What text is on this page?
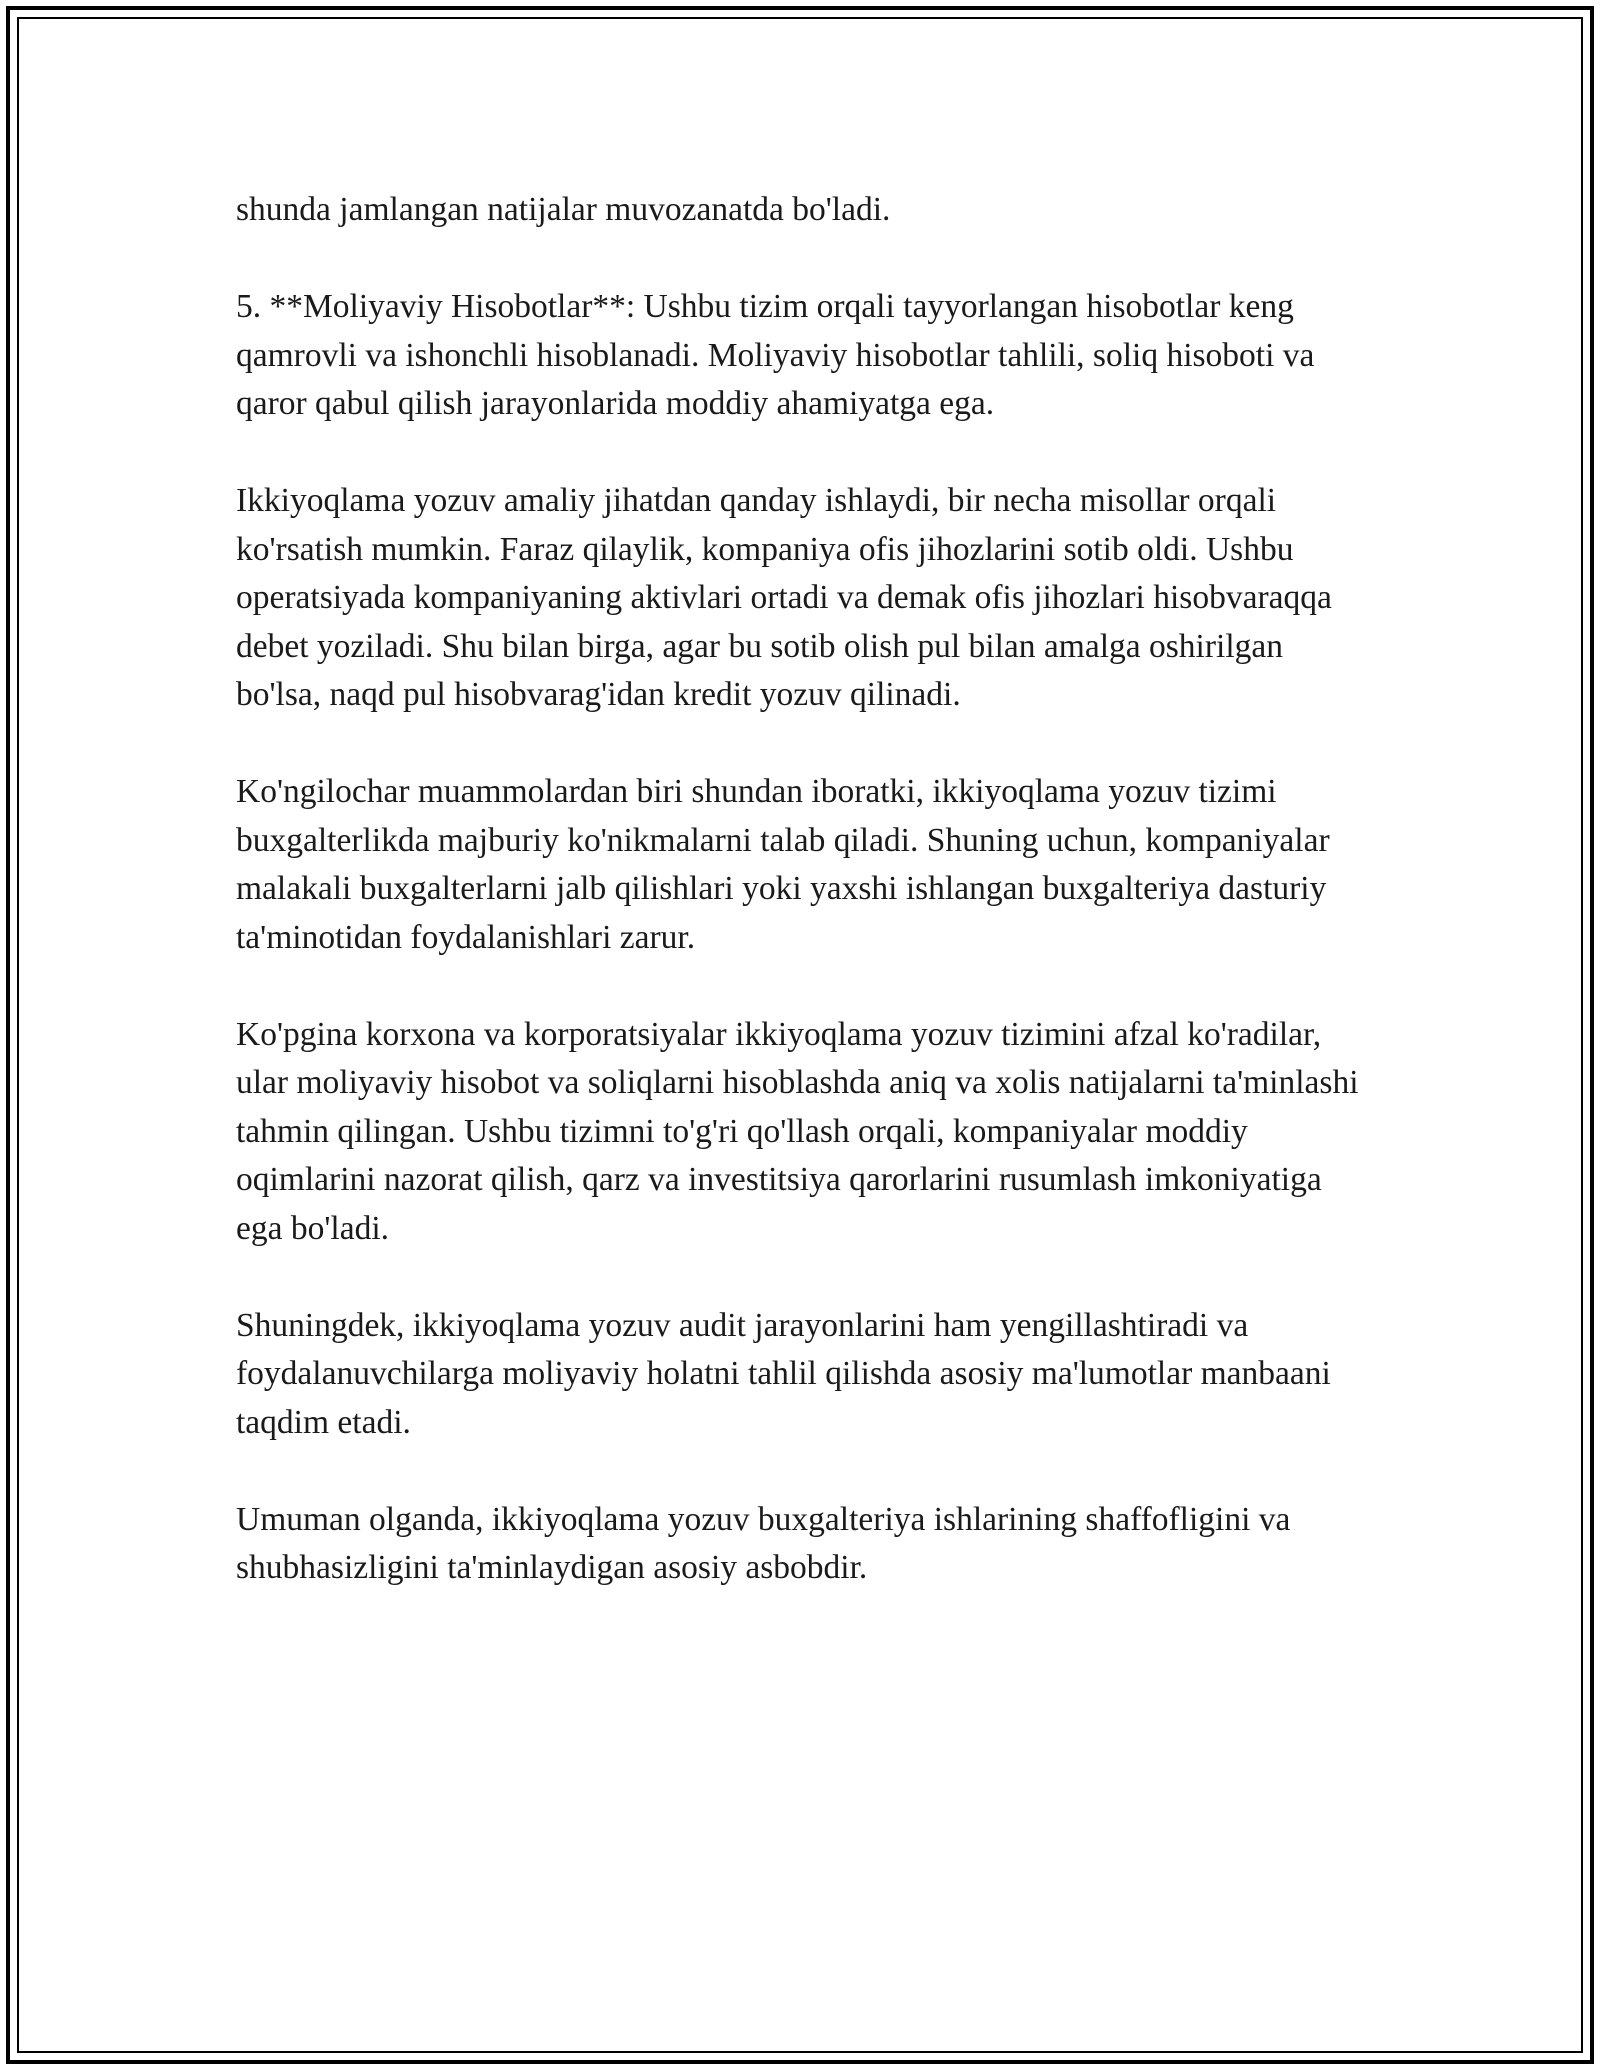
shunda jamlangan natijalar muvozanatda bo'ladi.

5. **Moliyaviy Hisobotlar**: Ushbu tizim orqali tayyorlangan hisobotlar keng qamrovli va ishonchli hisoblanadi. Moliyaviy hisobotlar tahlili, soliq hisoboti va qaror qabul qilish jarayonlarida moddiy ahamiyatga ega.

Ikkiyoqlama yozuv amaliy jihatdan qanday ishlaydi, bir necha misollar orqali ko'rsatish mumkin. Faraz qilaylik, kompaniya ofis jihozlarini sotib oldi. Ushbu operatsiyada kompaniyaning aktivlari ortadi va demak ofis jihozlari hisobvaraqqa debet yoziladi. Shu bilan birga, agar bu sotib olish pul bilan amalga oshirilgan bo'lsa, naqd pul hisobvarag'idan kredit yozuv qilinadi.

Ko'ngilochar muammolardan biri shundan iboratki, ikkiyoqlama yozuv tizimi buxgalterlikda majburiy ko'nikmalarni talab qiladi. Shuning uchun, kompaniyalar malakali buxgalterlarni jalb qilishlari yoki yaxshi ishlangan buxgalteriya dasturiy ta'minotidan foydalanishlari zarur.

Ko'pgina korxona va korporatsiyalar ikkiyoqlama yozuv tizimini afzal ko'radilar, ular moliyaviy hisobot va soliqlarni hisoblashda aniq va xolis natijalarni ta'minlashi tahmin qilingan. Ushbu tizimni to'g'ri qo'llash orqali, kompaniyalar moddiy oqimlarini nazorat qilish, qarz va investitsiya qarorlarini rusumlash imkoniyatiga ega bo'ladi.

Shuningdek, ikkiyoqlama yozuv audit jarayonlarini ham yengillashtiradi va foydalanuvchilarga moliyaviy holatni tahlil qilishda asosiy ma'lumotlar manbaani taqdim etadi.

Umuman olganda, ikkiyoqlama yozuv buxgalteriya ishlarining shaffofligini va shubhasizligini ta'minlaydigan asosiy asbobdir.
